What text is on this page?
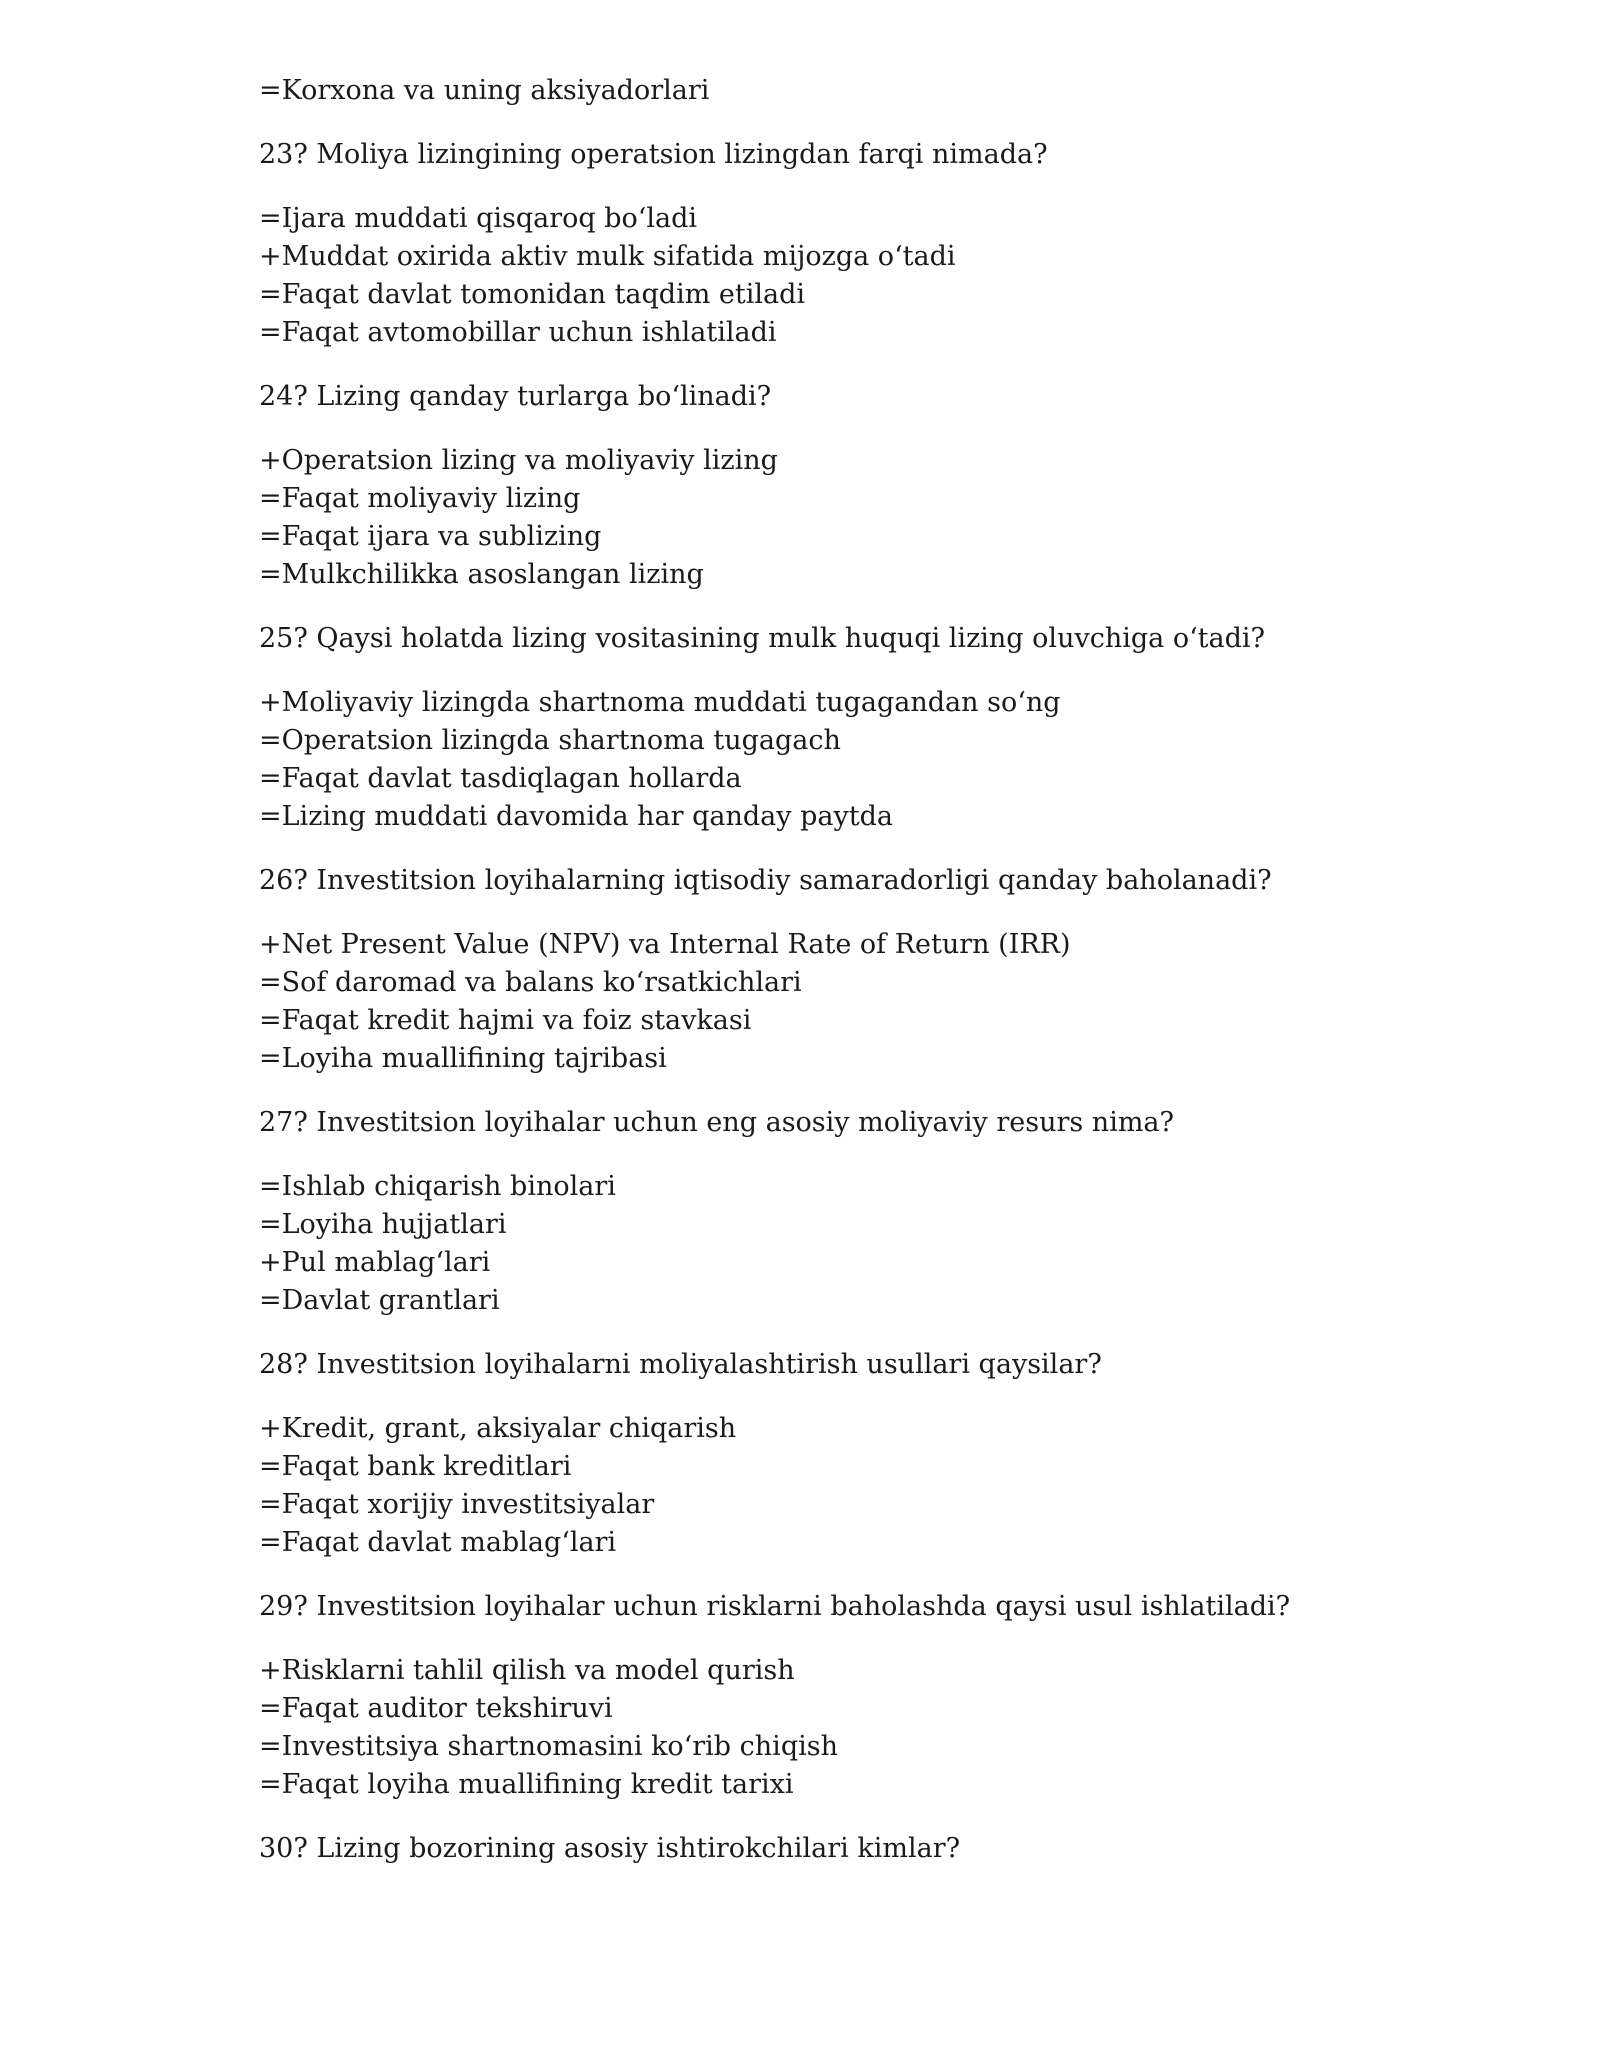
=Korxona va uning aksiyadorlari
23? Moliya lizingining operatsion lizingdan farqi nimada?
=Ijara muddati qisqaroq bo‘ladi
+Muddat oxirida aktiv mulk sifatida mijozga o‘tadi
=Faqat davlat tomonidan taqdim etiladi
=Faqat avtomobillar uchun ishlatiladi
24? Lizing qanday turlarga bo‘linadi?
+Operatsion lizing va moliyaviy lizing
=Faqat moliyaviy lizing
=Faqat ijara va sublizing
=Mulkchilikka asoslangan lizing
25? Qaysi holatda lizing vositasining mulk huquqi lizing oluvchiga o‘tadi?
+Moliyaviy lizingda shartnoma muddati tugagandan so‘ng
=Operatsion lizingda shartnoma tugagach
=Faqat davlat tasdiqlagan hollarda
=Lizing muddati davomida har qanday paytda
26? Investitsion loyihalarning iqtisodiy samaradorligi qanday baholanadi?
+Net Present Value (NPV) va Internal Rate of Return (IRR)
=Sof daromad va balans ko‘rsatkichlari
=Faqat kredit hajmi va foiz stavkasi
=Loyiha muallifining tajribasi
27? Investitsion loyihalar uchun eng asosiy moliyaviy resurs nima?
=Ishlab chiqarish binolari
=Loyiha hujjatlari
+Pul mablag‘lari
=Davlat grantlari
28? Investitsion loyihalarni moliyalashtirish usullari qaysilar?
+Kredit, grant, aksiyalar chiqarish
=Faqat bank kreditlari
=Faqat xorijiy investitsiyalar
=Faqat davlat mablag‘lari
29? Investitsion loyihalar uchun risklarni baholashda qaysi usul ishlatiladi?
+Risklarni tahlil qilish va model qurish
=Faqat auditor tekshiruvi
=Investitsiya shartnomasini ko‘rib chiqish
=Faqat loyiha muallifining kredit tarixi
30? Lizing bozorining asosiy ishtirokchilari kimlar?
